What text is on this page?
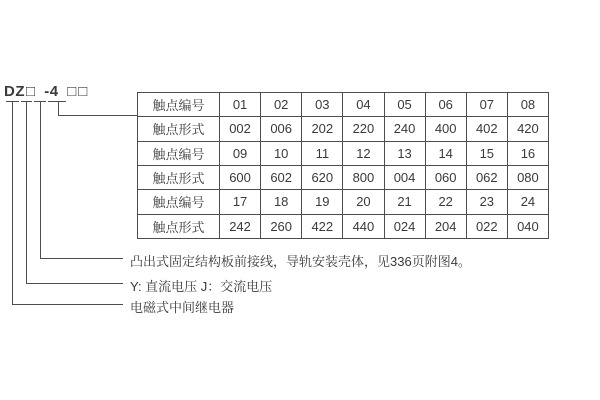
DZ□ -4 □□
触点编号	01	02	03	04	05	06	07	08
触点形式	002	006	202	220	240	400	402	420
触点编号	09	10	11	12	13	14	15	16
触点形式	600	602	620	800	004	060	062	080
触点编号	17	18	19	20	21	22	23	24
触点形式	242	260	422	440	024	204	022	040
凸出式固定结构板前接线，导轨安装壳体，见336页附图4。
Y: 直流电压 J：交流电压
电磁式中间继电器
